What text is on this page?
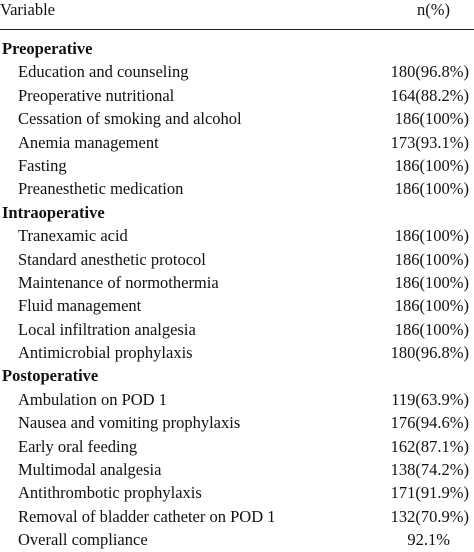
Variable	n(%)
Preoperative
Education and counseling	180(96.8%)
Preoperative nutritional	164(88.2%)
Cessation of smoking and alcohol	186(100%)
Anemia management	173(93.1%)
Fasting	186(100%)
Preanesthetic medication	186(100%)
Intraoperative
Tranexamic acid	186(100%)
Standard anesthetic protocol	186(100%)
Maintenance of normothermia	186(100%)
Fluid management	186(100%)
Local infiltration analgesia	186(100%)
Antimicrobial prophylaxis	180(96.8%)
Postoperative
Ambulation on POD 1	119(63.9%)
Nausea and vomiting prophylaxis	176(94.6%)
Early oral feeding	162(87.1%)
Multimodal analgesia	138(74.2%)
Antithrombotic prophylaxis	171(91.9%)
Removal of bladder catheter on POD 1	132(70.9%)
Overall compliance	92.1%
